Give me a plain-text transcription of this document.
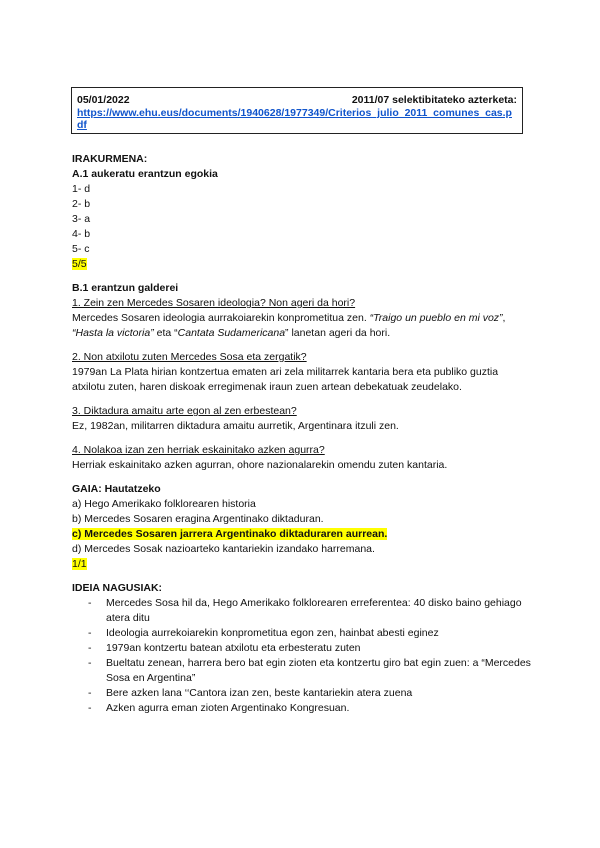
05/01/2022	2011/07 selektibitateko azterketa:
https://www.ehu.eus/documents/1940628/1977349/Criterios_julio_2011_comunes_cas.pdf
IRAKURMENA:
A.1 aukeratu erantzun egokia
1- d
2- b
3- a
4- b
5- c
5/5
B.1 erantzun galderei
1. Zein zen Mercedes Sosaren ideologia? Non ageri da hori?
Mercedes Sosaren ideologia aurrakoiarekin konprometitua zen. “Traigo un pueblo en mi voz”, “Hasta la victoria” eta “Cantata Sudamericana” lanetan ageri da hori.
2. Non atxilotu zuten Mercedes Sosa eta zergatik?
1979an La Plata hirian kontzertua ematen ari zela militarrek kantaria bera eta publiko guztia
atxilotu zuten, haren diskoak erregimenak iraun zuen artean debekatuak zeudelako.
3. Diktadura amaitu arte egon al zen erbestean?
Ez, 1982an, militarren diktadura amaitu aurretik, Argentinara itzuli zen.
4. Nolakoa izan zen herriak eskainitako azken agurra?
Herriak eskainitako azken agurran, ohore nazionalarekin omendu zuten kantaria.
GAIA: Hautatzeko
a) Hego Amerikako folklorearen historia
b) Mercedes Sosaren eragina Argentinako diktaduran.
c) Mercedes Sosaren jarrera Argentinako diktaduraren aurrean.
d) Mercedes Sosak nazioarteko kantariekin izandako harremana.
1/1
IDEIA NAGUSIAK:
- Mercedes Sosa hil da, Hego Amerikako folklorearen erreferentea: 40 disko baino gehiago atera ditu
- Ideologia aurrekoiarekin konprometitua egon zen, hainbat abesti eginez
- 1979an kontzertu batean atxilotu eta erbesteratu zuten
- Bueltatu zenean, harrera bero bat egin zioten eta kontzertu giro bat egin zuen: a “Mercedes Sosa en Argentina”
- Bere azken lana ‘‘Cantora izan zen, beste kantariekin atera zuena
- Azken agurra eman zioten Argentinako Kongresuan.
